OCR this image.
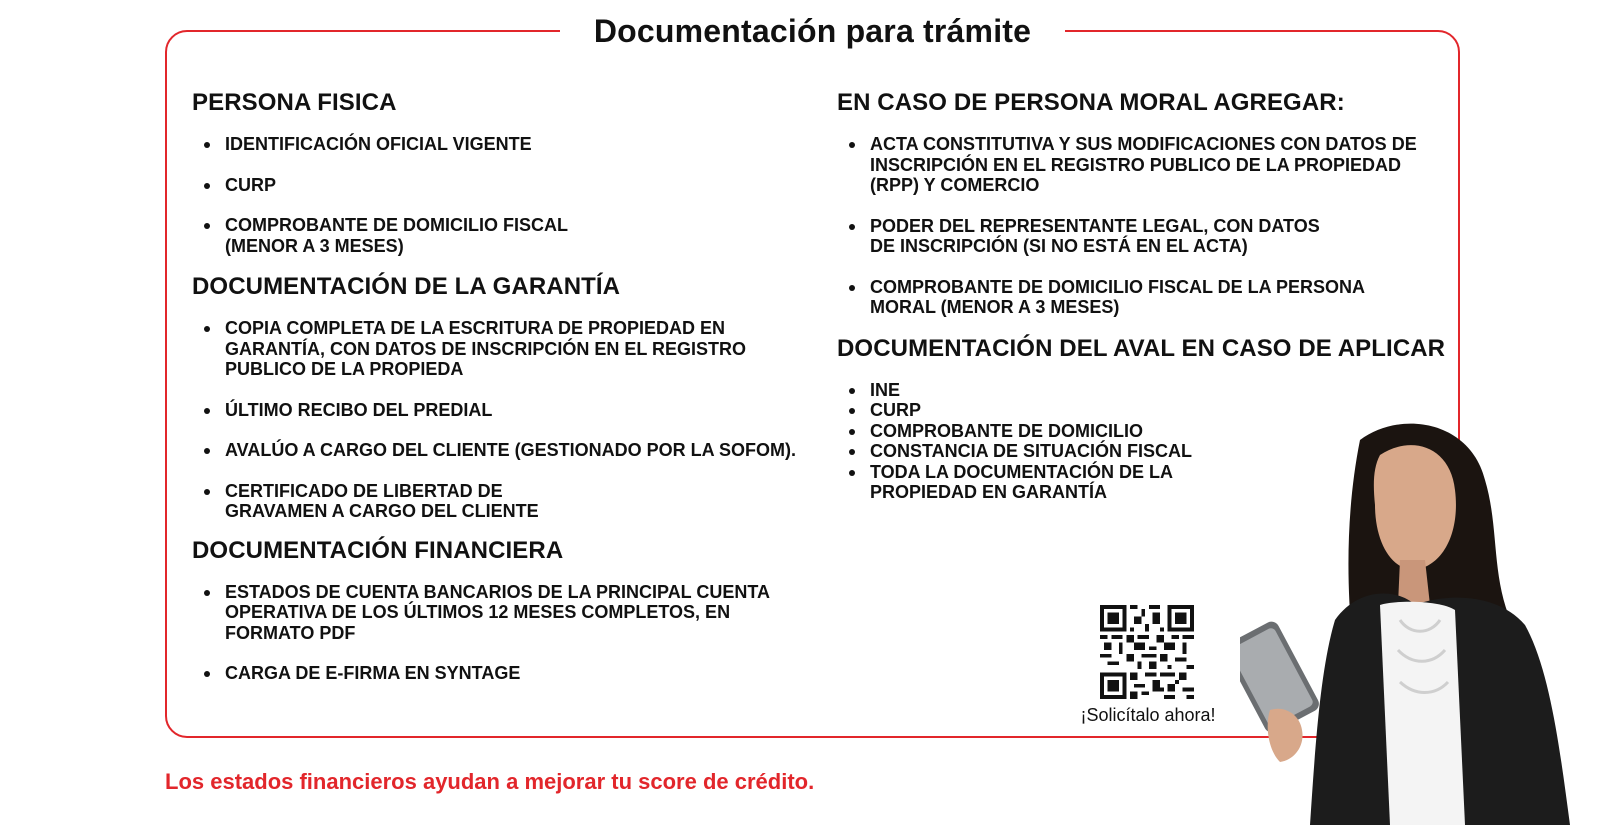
Documentación para trámite
PERSONA FISICA
IDENTIFICACIÓN OFICIAL VIGENTE
CURP
COMPROBANTE DE DOMICILIO FISCAL (MENOR A 3 MESES)
DOCUMENTACIÓN DE LA GARANTÍA
COPIA COMPLETA DE LA ESCRITURA DE PROPIEDAD EN GARANTÍA, CON DATOS DE INSCRIPCIÓN EN EL REGISTRO PUBLICO DE LA PROPIEDA
ÚLTIMO RECIBO DEL PREDIAL
AVALÚO A CARGO DEL CLIENTE (GESTIONADO POR LA SOFOM).
CERTIFICADO DE LIBERTAD DE GRAVAMEN A CARGO DEL CLIENTE
DOCUMENTACIÓN FINANCIERA
ESTADOS DE CUENTA BANCARIOS DE LA PRINCIPAL CUENTA OPERATIVA DE LOS ÚLTIMOS 12 MESES COMPLETOS, EN FORMATO PDF
CARGA DE E-FIRMA EN SYNTAGE
EN CASO DE PERSONA MORAL AGREGAR:
ACTA CONSTITUTIVA Y SUS MODIFICACIONES CON DATOS DE INSCRIPCIÓN EN EL REGISTRO PUBLICO DE LA PROPIEDAD (RPP) Y COMERCIO
PODER DEL REPRESENTANTE LEGAL, CON DATOS DE INSCRIPCIÓN (SI NO ESTÁ EN EL ACTA)
COMPROBANTE DE DOMICILIO FISCAL DE LA PERSONA MORAL (MENOR A 3 MESES)
DOCUMENTACIÓN DEL AVAL EN CASO DE APLICAR
INE
CURP
COMPROBANTE DE DOMICILIO
CONSTANCIA DE SITUACIÓN FISCAL
TODA LA DOCUMENTACIÓN DE LA PROPIEDAD EN GARANTÍA
¡Solicítalo ahora!
Los estados financieros ayudan a mejorar tu score de crédito.
